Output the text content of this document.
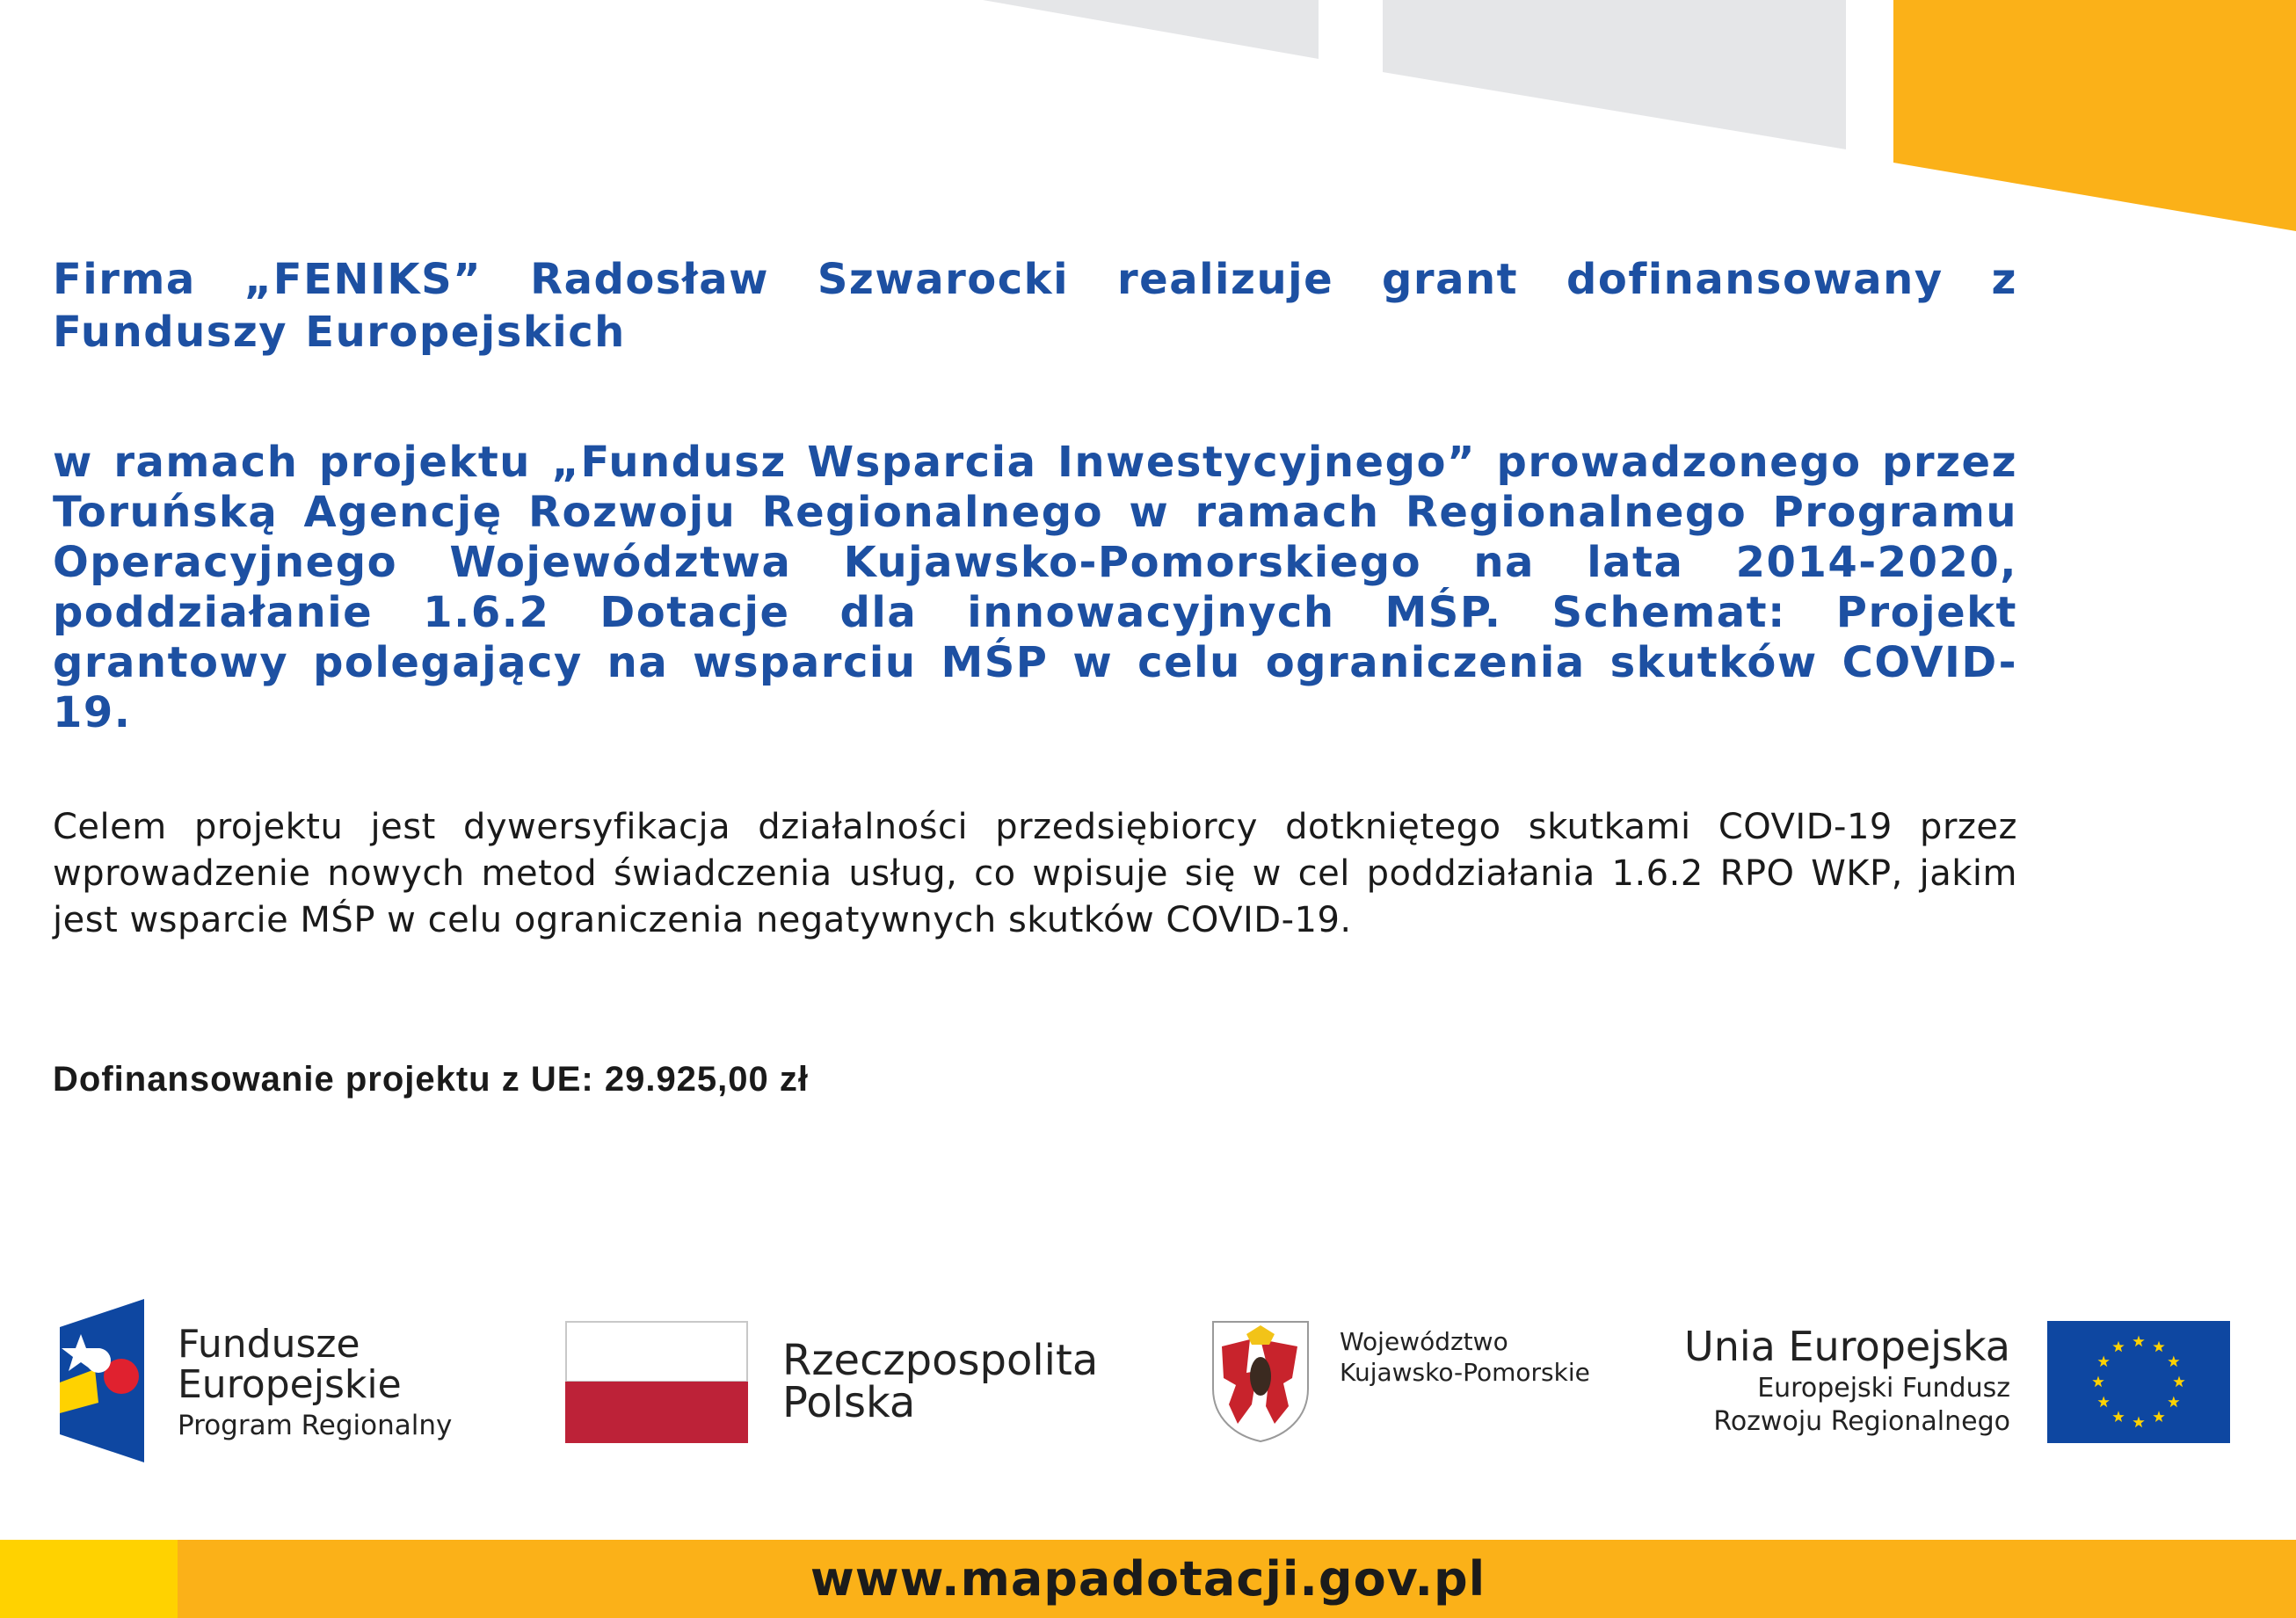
Firma „FENIKS” Radosław Szwarocki realizuje grant dofinansowany z Funduszy Europejskich

w ramach projektu „Fundusz Wsparcia Inwestycyjnego” prowadzonego przez Toruńską Agencję Rozwoju Regionalnego w ramach Regionalnego Programu Operacyjnego Województwa Kujawsko-Pomorskiego na lata 2014-2020, poddziałanie 1.6.2 Dotacje dla innowacyjnych MŚP. Schemat: Projekt grantowy polegający na wsparciu MŚP w celu ograniczenia skutków COVID-19.

Celem projektu jest dywersyfikacja działalności przedsiębiorcy dotkniętego skutkami COVID-19 przez wprowadzenie nowych metod świadczenia usług, co wpisuje się w cel poddziałania 1.6.2 RPO WKP, jakim jest wsparcie MŚP w celu ograniczenia negatywnych skutków COVID-19.

Dofinansowanie projektu z UE: 29.925,00 zł

Fundusze
Europejskie
Program Regionalny
Rzeczpospolita
Polska
Województwo
Kujawsko-Pomorskie
Unia Europejska
Europejski Fundusz
Rozwoju Regionalnego
www.mapadotacji.gov.pl
